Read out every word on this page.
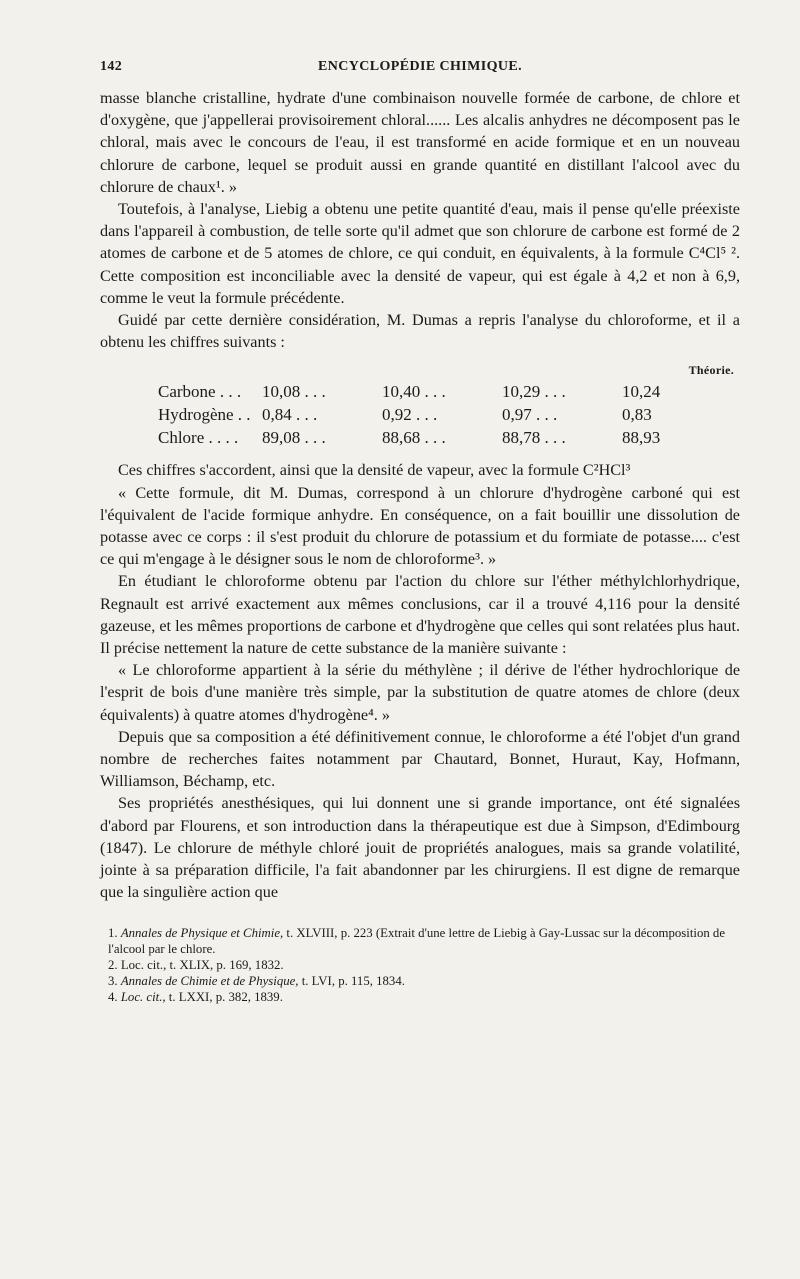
142	ENCYCLOPÉDIE CHIMIQUE.

masse blanche cristalline, hydrate d'une combinaison nouvelle formée de carbone, de chlore et d'oxygène, que j'appellerai provisoirement chloral...... Les alcalis anhydres ne décomposent pas le chloral, mais avec le concours de l'eau, il est transformé en acide formique et en un nouveau chlorure de carbone, lequel se produit aussi en grande quantité en distillant l'alcool avec du chlorure de chaux¹. »

Toutefois, à l'analyse, Liebig a obtenu une petite quantité d'eau, mais il pense qu'elle préexiste dans l'appareil à combustion, de telle sorte qu'il admet que son chlorure de carbone est formé de 2 atomes de carbone et de 5 atomes de chlore, ce qui conduit, en équivalents, à la formule C⁴Cl⁵ ². Cette composition est inconciliable avec la densité de vapeur, qui est égale à 4,2 et non à 6,9, comme le veut la formule précédente.

Guidé par cette dernière considération, M. Dumas a repris l'analyse du chloroforme, et il a obtenu les chiffres suivants :

Théorie.
Carbone . . .	10,08 . . .	10,40 . . .	10,29 . . .	10,24
Hydrogène . .	0,84 . . .	0,92 . . .	0,97 . . .	0,83
Chlore . . . .	89,08 . . .	88,68 . . .	88,78 . . .	88,93

Ces chiffres s'accordent, ainsi que la densité de vapeur, avec la formule C²HCl³

« Cette formule, dit M. Dumas, correspond à un chlorure d'hydrogène carboné qui est l'équivalent de l'acide formique anhydre. En conséquence, on a fait bouillir une dissolution de potasse avec ce corps : il s'est produit du chlorure de potassium et du formiate de potasse.... c'est ce qui m'engage à le désigner sous le nom de chloroforme³. »

En étudiant le chloroforme obtenu par l'action du chlore sur l'éther méthylchlorhydrique, Regnault est arrivé exactement aux mêmes conclusions, car il a trouvé 4,116 pour la densité gazeuse, et les mêmes proportions de carbone et d'hydrogène que celles qui sont relatées plus haut. Il précise nettement la nature de cette substance de la manière suivante :

« Le chloroforme appartient à la série du méthylène ; il dérive de l'éther hydrochlorique de l'esprit de bois d'une manière très simple, par la substitution de quatre atomes de chlore (deux équivalents) à quatre atomes d'hydrogène⁴. »

Depuis que sa composition a été définitivement connue, le chloroforme a été l'objet d'un grand nombre de recherches faites notamment par Chautard, Bonnet, Huraut, Kay, Hofmann, Williamson, Béchamp, etc.

Ses propriétés anesthésiques, qui lui donnent une si grande importance, ont été signalées d'abord par Flourens, et son introduction dans la thérapeutique est due à Simpson, d'Edimbourg (1847). Le chlorure de méthyle chloré jouit de propriétés analogues, mais sa grande volatilité, jointe à sa préparation difficile, l'a fait abandonner par les chirurgiens. Il est digne de remarque que la singulière action que

1. Annales de Physique et Chimie, t. XLVIII, p. 223 (Extrait d'une lettre de Liebig à Gay-Lussac sur la décomposition de l'alcool par le chlore.
2. Loc. cit., t. XLIX, p. 169, 1832.
3. Annales de Chimie et de Physique, t. LVI, p. 115, 1834.
4. Loc. cit., t. LXXI, p. 382, 1839.
